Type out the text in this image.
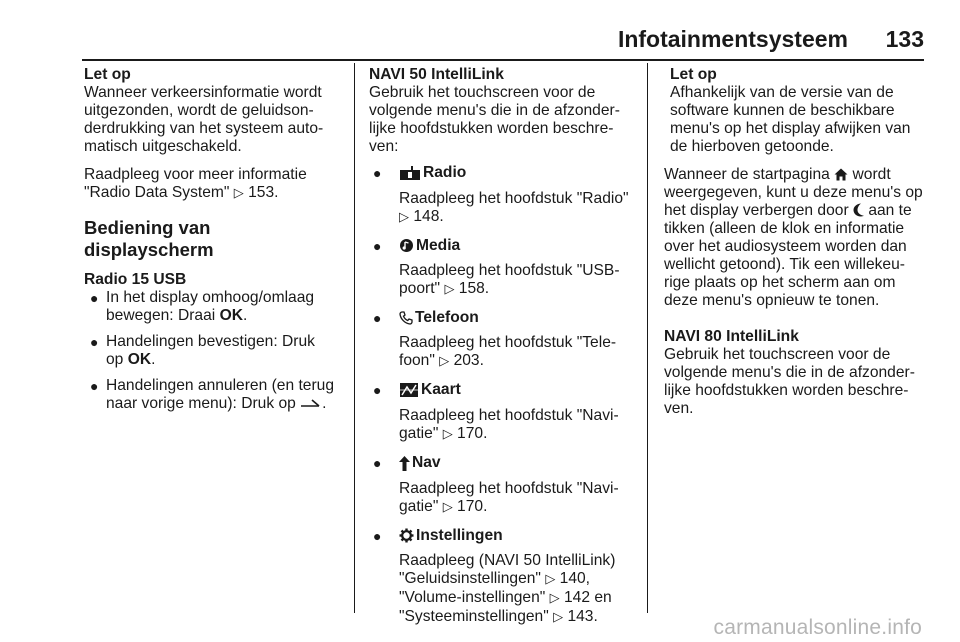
Infotainmentsysteem 133
Let op
Wanneer verkeersinformatie wordt
uitgezonden, wordt de geluidson-
derdrukking van het systeem auto-
matisch uitgeschakeld.
Raadpleeg voor meer informatie
"Radio Data System" ▷ 153.
Bediening van displayscherm
Radio 15 USB
● In het display omhoog/omlaag
bewegen: Draai OK.
● Handelingen bevestigen: Druk
op OK.
● Handelingen annuleren (en terug
naar vorige menu): Druk op .
NAVI 50 IntelliLink
Gebruik het touchscreen voor de
volgende menu's die in de afzonder-
lijke hoofdstukken worden beschre-
ven:
●	Radio
Raadpleeg het hoofdstuk "Radio"
▷ 148.
● Media
Raadpleeg het hoofdstuk "USB-
poort" ▷ 158.
● Telefoon
Raadpleeg het hoofdstuk "Tele-
foon" ▷ 203.
●	Kaart
Raadpleeg het hoofdstuk "Navi-
gatie" ▷ 170.
● Nav
Raadpleeg het hoofdstuk "Navi-
gatie" ▷ 170.
● Instellingen
Raadpleeg (NAVI 50 IntelliLink)
"Geluidsinstellingen" ▷ 140,
"Volume-instellingen" ▷ 142 en
"Systeeminstellingen" ▷ 143.
Let op
Afhankelijk van de versie van de
software kunnen de beschikbare
menu's op het display afwijken van
de hierboven getoonde.
Wanneer de startpagina  wordt
weergegeven, kunt u deze menu's op
het display verbergen door  aan te
tikken (alleen de klok en informatie
over het audiosysteem worden dan
wellicht getoond). Tik een willekeu-
rige plaats op het scherm aan om
deze menu's opnieuw te tonen.
NAVI 80 IntelliLink
Gebruik het touchscreen voor de
volgende menu's die in de afzonder-
lijke hoofdstukken worden beschre-
ven.
carmanualsonline.info
